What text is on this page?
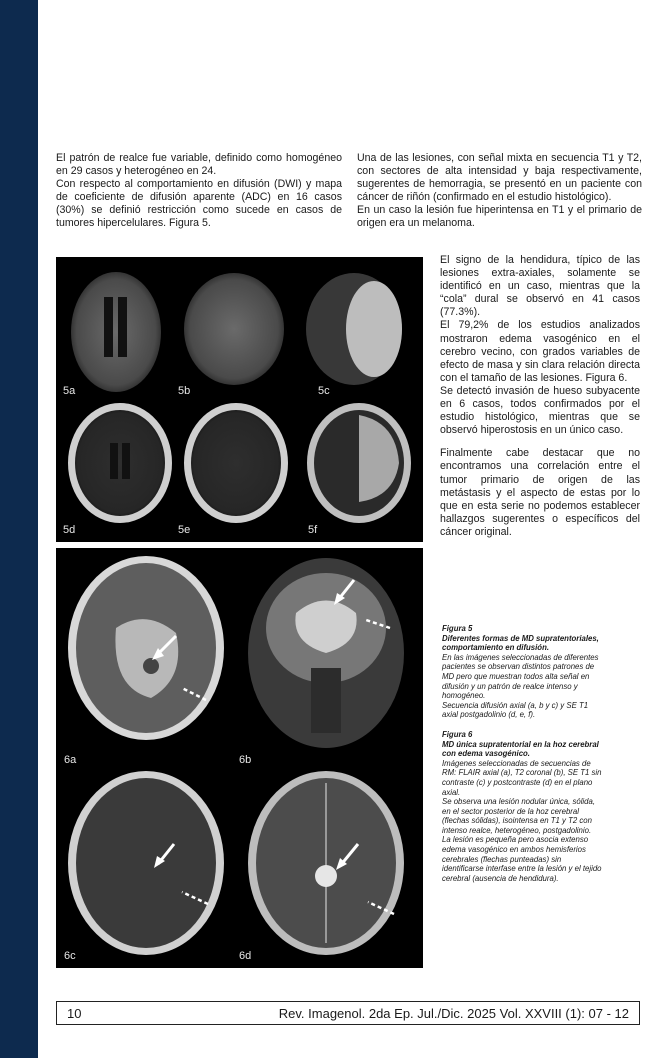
El patrón de realce fue variable, definido como homogéneo en 29 casos y heterogéneo en 24.

Con respecto al comportamiento en difusión (DWI) y mapa de coeficiente de difusión aparente (ADC) en 16 casos (30%) se definió restricción como sucede en casos de tumores hipercelulares. Figura 5.

Una de las lesiones, con señal mixta en secuencia T1 y T2, con sectores de alta intensidad y baja respectivamente, sugerentes de hemorragia, se presentó en un paciente con cáncer de riñón (confirmado en el estudio histológico).

En un caso la lesión fue hiperintensa en T1 y el primario de origen era un melanoma.

El signo de la hendidura, típico de las lesiones extra-axiales, solamente se identificó en un caso, mientras que la “cola” dural se observó en 41 casos (77.3%).

El 79,2% de los estudios analizados mostraron edema vasogénico en el cerebro vecino, con grados variables de efecto de masa y sin clara relación directa con el tamaño de las lesiones. Figura 6.

Se detectó invasión de hueso subyacente en 6 casos, todos confirmados por el estudio histológico, mientras que se observó hiperostosis en un único caso.

Finalmente cabe destacar que no encontramos una correlación entre el tumor primario de origen de las metástasis y el aspecto de estas por lo que en esta serie no podemos establecer hallazgos sugerentes o específicos del cáncer original.

5a	5b	5c
5d	5e	5f
6a	6b
6c	6d

Figura 5

Diferentes formas de MD supratentoriales, comportamiento en difusión.

En las imágenes seleccionadas de diferentes pacientes se observan distintos patrones de MD pero que muestran todos alta señal en difusión y un patrón de realce intenso y homogéneo.

Secuencia difusión axial (a, b y c) y SE T1 axial postgadolinio (d, e, f).

Figura 6

MD única supratentorial en la hoz cerebral con edema vasogénico.

Imágenes seleccionadas de secuencias de RM: FLAIR axial (a), T2 coronal (b), SE T1 sin contraste (c) y postcontraste (d) en el plano axial.

Se observa una lesión nodular única, sólida, en el sector posterior de la hoz cerebral (flechas sólidas), isointensa en T1 y T2 con intenso realce, heterogéneo, postgadolinio.

La lesión es pequeña pero asocia extenso edema vasogénico en ambos hemisferios cerebrales (flechas punteadas) sin identificarse interfase entre la lesión y el tejido cerebral (ausencia de hendidura).

10	Rev. Imagenol. 2da Ep. Jul./Dic. 2025 Vol. XXVIII (1): 07 - 12
